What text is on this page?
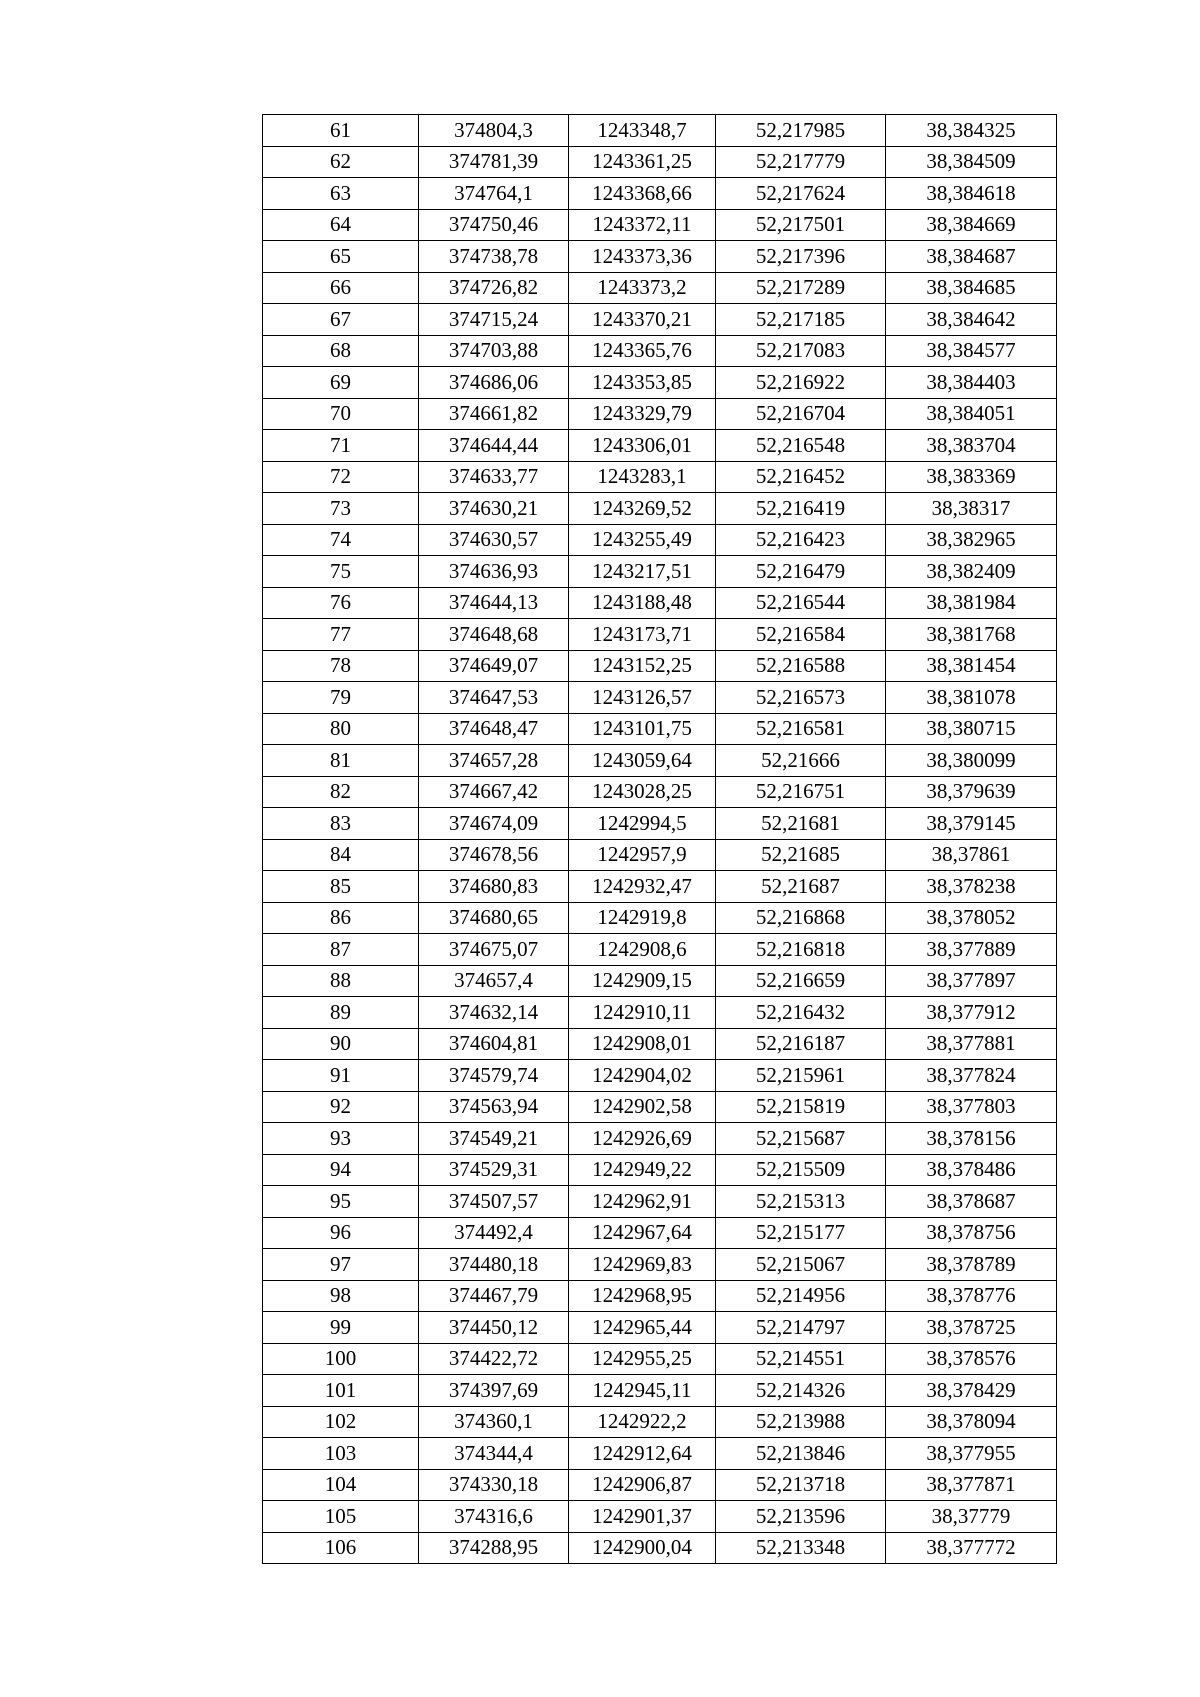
61	374804,3	1243348,7	52,217985	38,384325
62	374781,39	1243361,25	52,217779	38,384509
63	374764,1	1243368,66	52,217624	38,384618
64	374750,46	1243372,11	52,217501	38,384669
65	374738,78	1243373,36	52,217396	38,384687
66	374726,82	1243373,2	52,217289	38,384685
67	374715,24	1243370,21	52,217185	38,384642
68	374703,88	1243365,76	52,217083	38,384577
69	374686,06	1243353,85	52,216922	38,384403
70	374661,82	1243329,79	52,216704	38,384051
71	374644,44	1243306,01	52,216548	38,383704
72	374633,77	1243283,1	52,216452	38,383369
73	374630,21	1243269,52	52,216419	38,38317
74	374630,57	1243255,49	52,216423	38,382965
75	374636,93	1243217,51	52,216479	38,382409
76	374644,13	1243188,48	52,216544	38,381984
77	374648,68	1243173,71	52,216584	38,381768
78	374649,07	1243152,25	52,216588	38,381454
79	374647,53	1243126,57	52,216573	38,381078
80	374648,47	1243101,75	52,216581	38,380715
81	374657,28	1243059,64	52,21666	38,380099
82	374667,42	1243028,25	52,216751	38,379639
83	374674,09	1242994,5	52,21681	38,379145
84	374678,56	1242957,9	52,21685	38,37861
85	374680,83	1242932,47	52,21687	38,378238
86	374680,65	1242919,8	52,216868	38,378052
87	374675,07	1242908,6	52,216818	38,377889
88	374657,4	1242909,15	52,216659	38,377897
89	374632,14	1242910,11	52,216432	38,377912
90	374604,81	1242908,01	52,216187	38,377881
91	374579,74	1242904,02	52,215961	38,377824
92	374563,94	1242902,58	52,215819	38,377803
93	374549,21	1242926,69	52,215687	38,378156
94	374529,31	1242949,22	52,215509	38,378486
95	374507,57	1242962,91	52,215313	38,378687
96	374492,4	1242967,64	52,215177	38,378756
97	374480,18	1242969,83	52,215067	38,378789
98	374467,79	1242968,95	52,214956	38,378776
99	374450,12	1242965,44	52,214797	38,378725
100	374422,72	1242955,25	52,214551	38,378576
101	374397,69	1242945,11	52,214326	38,378429
102	374360,1	1242922,2	52,213988	38,378094
103	374344,4	1242912,64	52,213846	38,377955
104	374330,18	1242906,87	52,213718	38,377871
105	374316,6	1242901,37	52,213596	38,37779
106	374288,95	1242900,04	52,213348	38,377772
